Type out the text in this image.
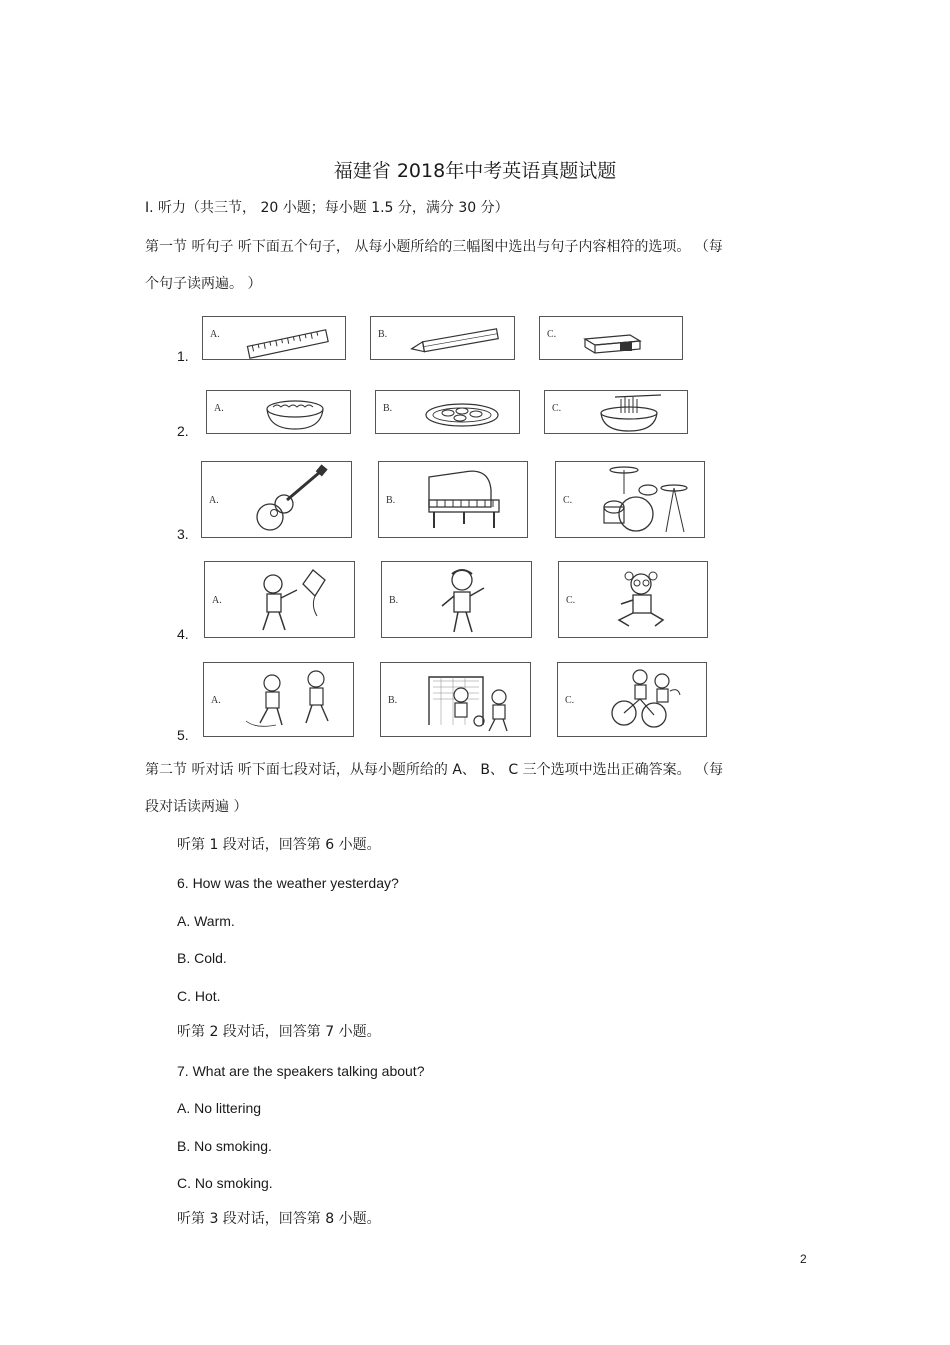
福建省 2018年中考英语真题试题
Ⅰ. 听力（共三节， 20 小题；每小题 1.5 分，满分 30 分）
第一节 听句子 听下面五个句子， 从每小题所给的三幅图中选出与句子内容相符的选项。 （每
个句子读两遍。 ）
1.
A.	B.	C.
2.
A.	B.	C.
3.
A.	B.	C.
4.
A.	B.	C.
5.
A.	B.	C.
第二节 听对话 听下面七段对话，从每小题所给的 A、 B、 C 三个选项中选出正确答案。 （每
段对话读两遍 ）
听第 1 段对话，回答第 6 小题。
6. How was the weather yesterday?
A. Warm.
B. Cold.
C. Hot.
听第 2 段对话，回答第 7 小题。
7. What are the speakers talking about?
A. No littering
B. No smoking.
C. No smoking.
听第 3 段对话，回答第 8 小题。
2
